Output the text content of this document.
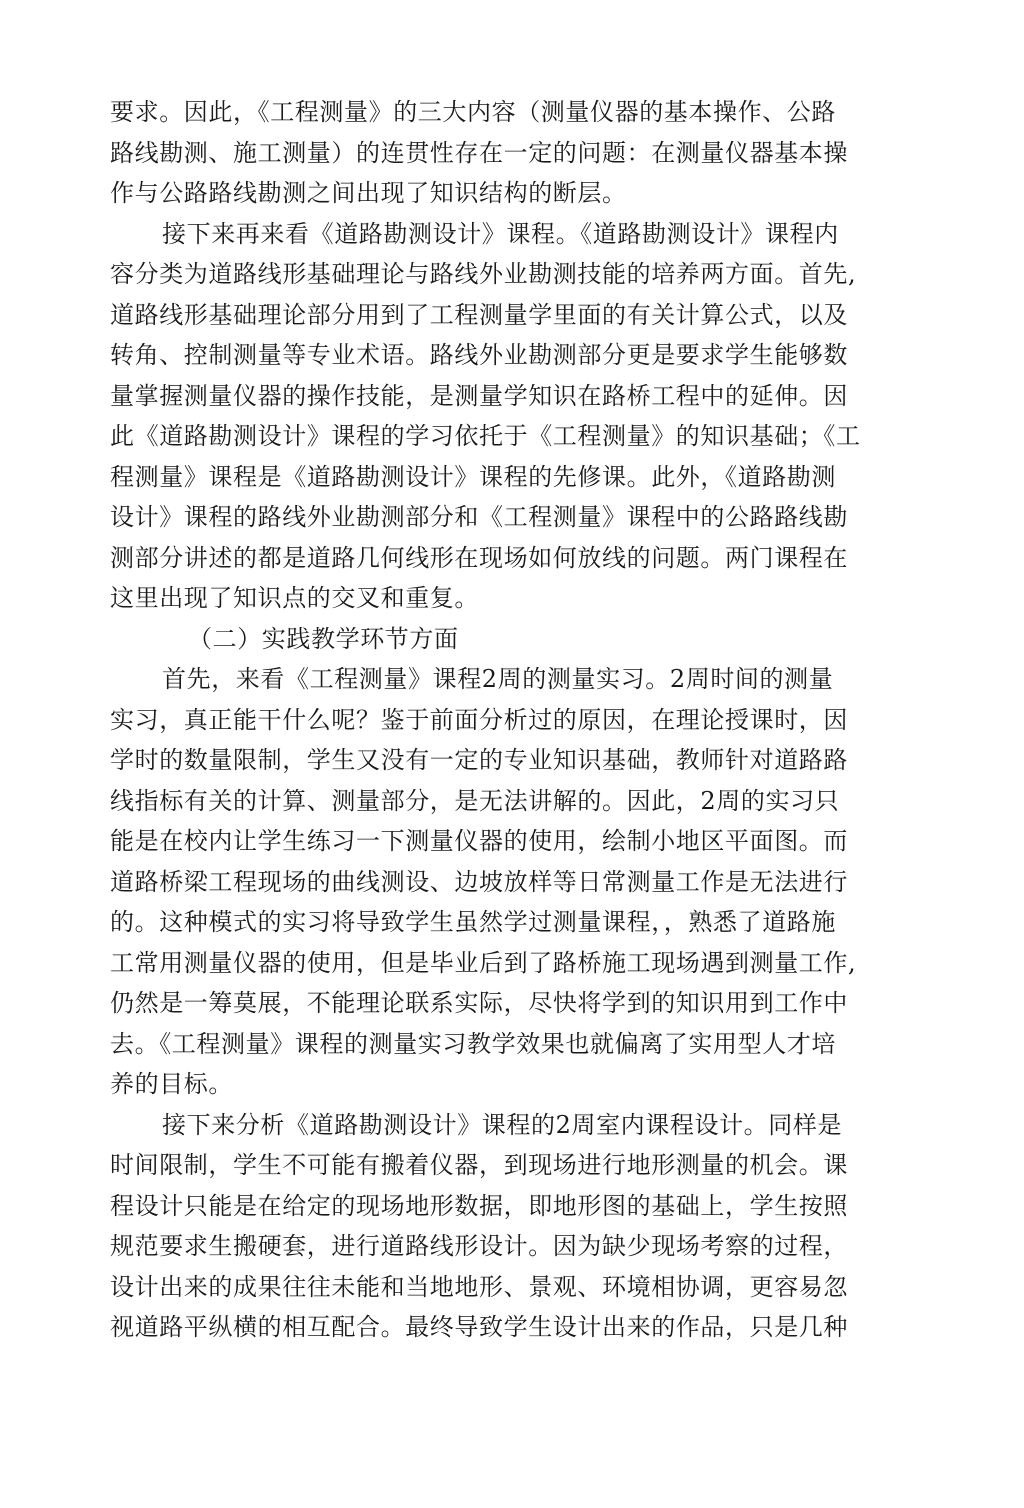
要求。因此，《工程测量》的三大内容（测量仪器的基本操作、公路
路线勘测、施工测量）的连贯性存在一定的问题：在测量仪器基本操
作与公路路线勘测之间出现了知识结构的断层。
接下来再来看《道路勘测设计》课程。《道路勘测设计》课程内
容分类为道路线形基础理论与路线外业勘测技能的培养两方面。首先,
道路线形基础理论部分用到了工程测量学里面的有关计算公式，以及
转角、控制测量等专业术语。路线外业勘测部分更是要求学生能够数
量掌握测量仪器的操作技能，是测量学知识在路桥工程中的延伸。因
此《道路勘测设计》课程的学习依托于《工程测量》的知识基础；《工
程测量》课程是《道路勘测设计》课程的先修课。此外，《道路勘测
设计》课程的路线外业勘测部分和《工程测量》课程中的公路路线勘
测部分讲述的都是道路几何线形在现场如何放线的问题。两门课程在
这里出现了知识点的交叉和重复。
（二）实践教学环节方面
首先，来看《工程测量》课程2周的测量实习。2周时间的测量
实习，真正能干什么呢？鉴于前面分析过的原因，在理论授课时，因
学时的数量限制，学生又没有一定的专业知识基础，教师针对道路路
线指标有关的计算、测量部分，是无法讲解的。因此，2周的实习只
能是在校内让学生练习一下测量仪器的使用，绘制小地区平面图。而
道路桥梁工程现场的曲线测设、边坡放样等日常测量工作是无法进行
的。这种模式的实习将导致学生虽然学过测量课程，，熟悉了道路施
工常用测量仪器的使用，但是毕业后到了路桥施工现场遇到测量工作,
仍然是一筹莫展，不能理论联系实际，尽快将学到的知识用到工作中
去。《工程测量》课程的测量实习教学效果也就偏离了实用型人才培
养的目标。
接下来分析《道路勘测设计》课程的2周室内课程设计。同样是
时间限制，学生不可能有搬着仪器，到现场进行地形测量的机会。课
程设计只能是在给定的现场地形数据，即地形图的基础上，学生按照
规范要求生搬硬套，进行道路线形设计。因为缺少现场考察的过程，
设计出来的成果往往未能和当地地形、景观、环境相协调，更容易忽
视道路平纵横的相互配合。最终导致学生设计出来的作品，只是几种
